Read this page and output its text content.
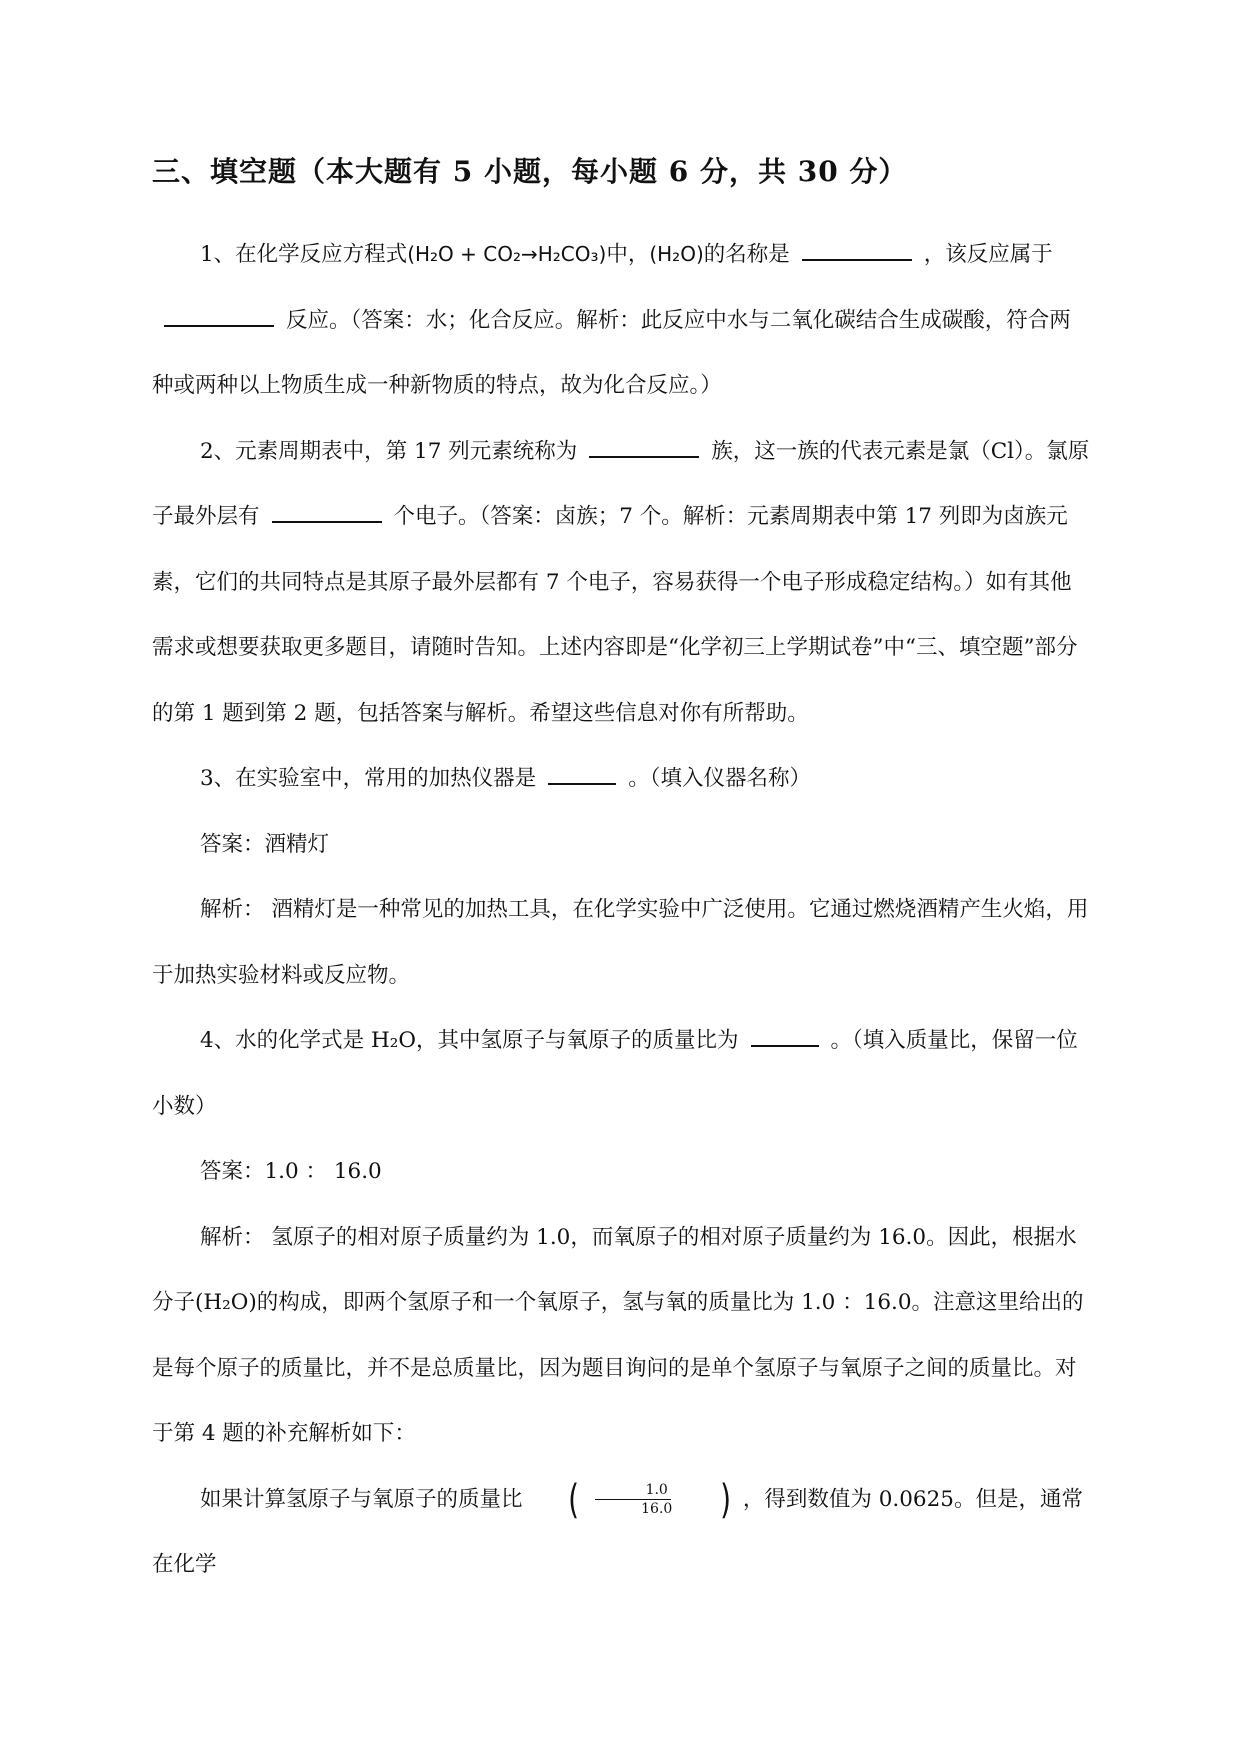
三、填空题（本大题有 5 小题，每小题 6 分，共 30 分）

1、在化学反应方程式(H₂O + CO₂→H₂CO₃)中，(H₂O)的名称是	，该反应属于反应。（答案：水；化合反应。解析：此反应中水与二氧化碳结合生成碳酸，符合两种或两种以上物质生成一种新物质的特点，故为化合反应。）

2、元素周期表中，第 17 列元素统称为	族，这一族的代表元素是氯（Cl）。氯原子最外层有	个电子。（答案：卤族；7 个。解析：元素周期表中第 17 列即为卤族元素，它们的共同特点是其原子最外层都有 7 个电子，容易获得一个电子形成稳定结构。）如有其他需求或想要获取更多题目，请随时告知。上述内容即是“化学初三上学期试卷”中“三、填空题”部分的第 1 题到第 2 题，包括答案与解析。希望这些信息对你有所帮助。

3、在实验室中，常用的加热仪器是	。（填入仪器名称）

答案：酒精灯

解析： 酒精灯是一种常见的加热工具，在化学实验中广泛使用。它通过燃烧酒精产生火焰，用于加热实验材料或反应物。

4、水的化学式是 H₂O，其中氢原子与氧原子的质量比为	。（填入质量比，保留一位小数）

答案：1.0 ： 16.0

解析： 氢原子的相对原子质量约为 1.0，而氧原子的相对原子质量约为 16.0。因此，根据水分子(H₂O)的构成，即两个氢原子和一个氧原子，氢与氧的质量比为 1.0 ：16.0。注意这里给出的是每个原子的质量比，并不是总质量比，因为题目询问的是单个氢原子与氧原子之间的质量比。对于第 4 题的补充解析如下：

如果计算氢原子与氧原子的质量比	( $\frac{1.0}{16.0}$	) ，得到数值为 0.0625。但是，通常在化学
